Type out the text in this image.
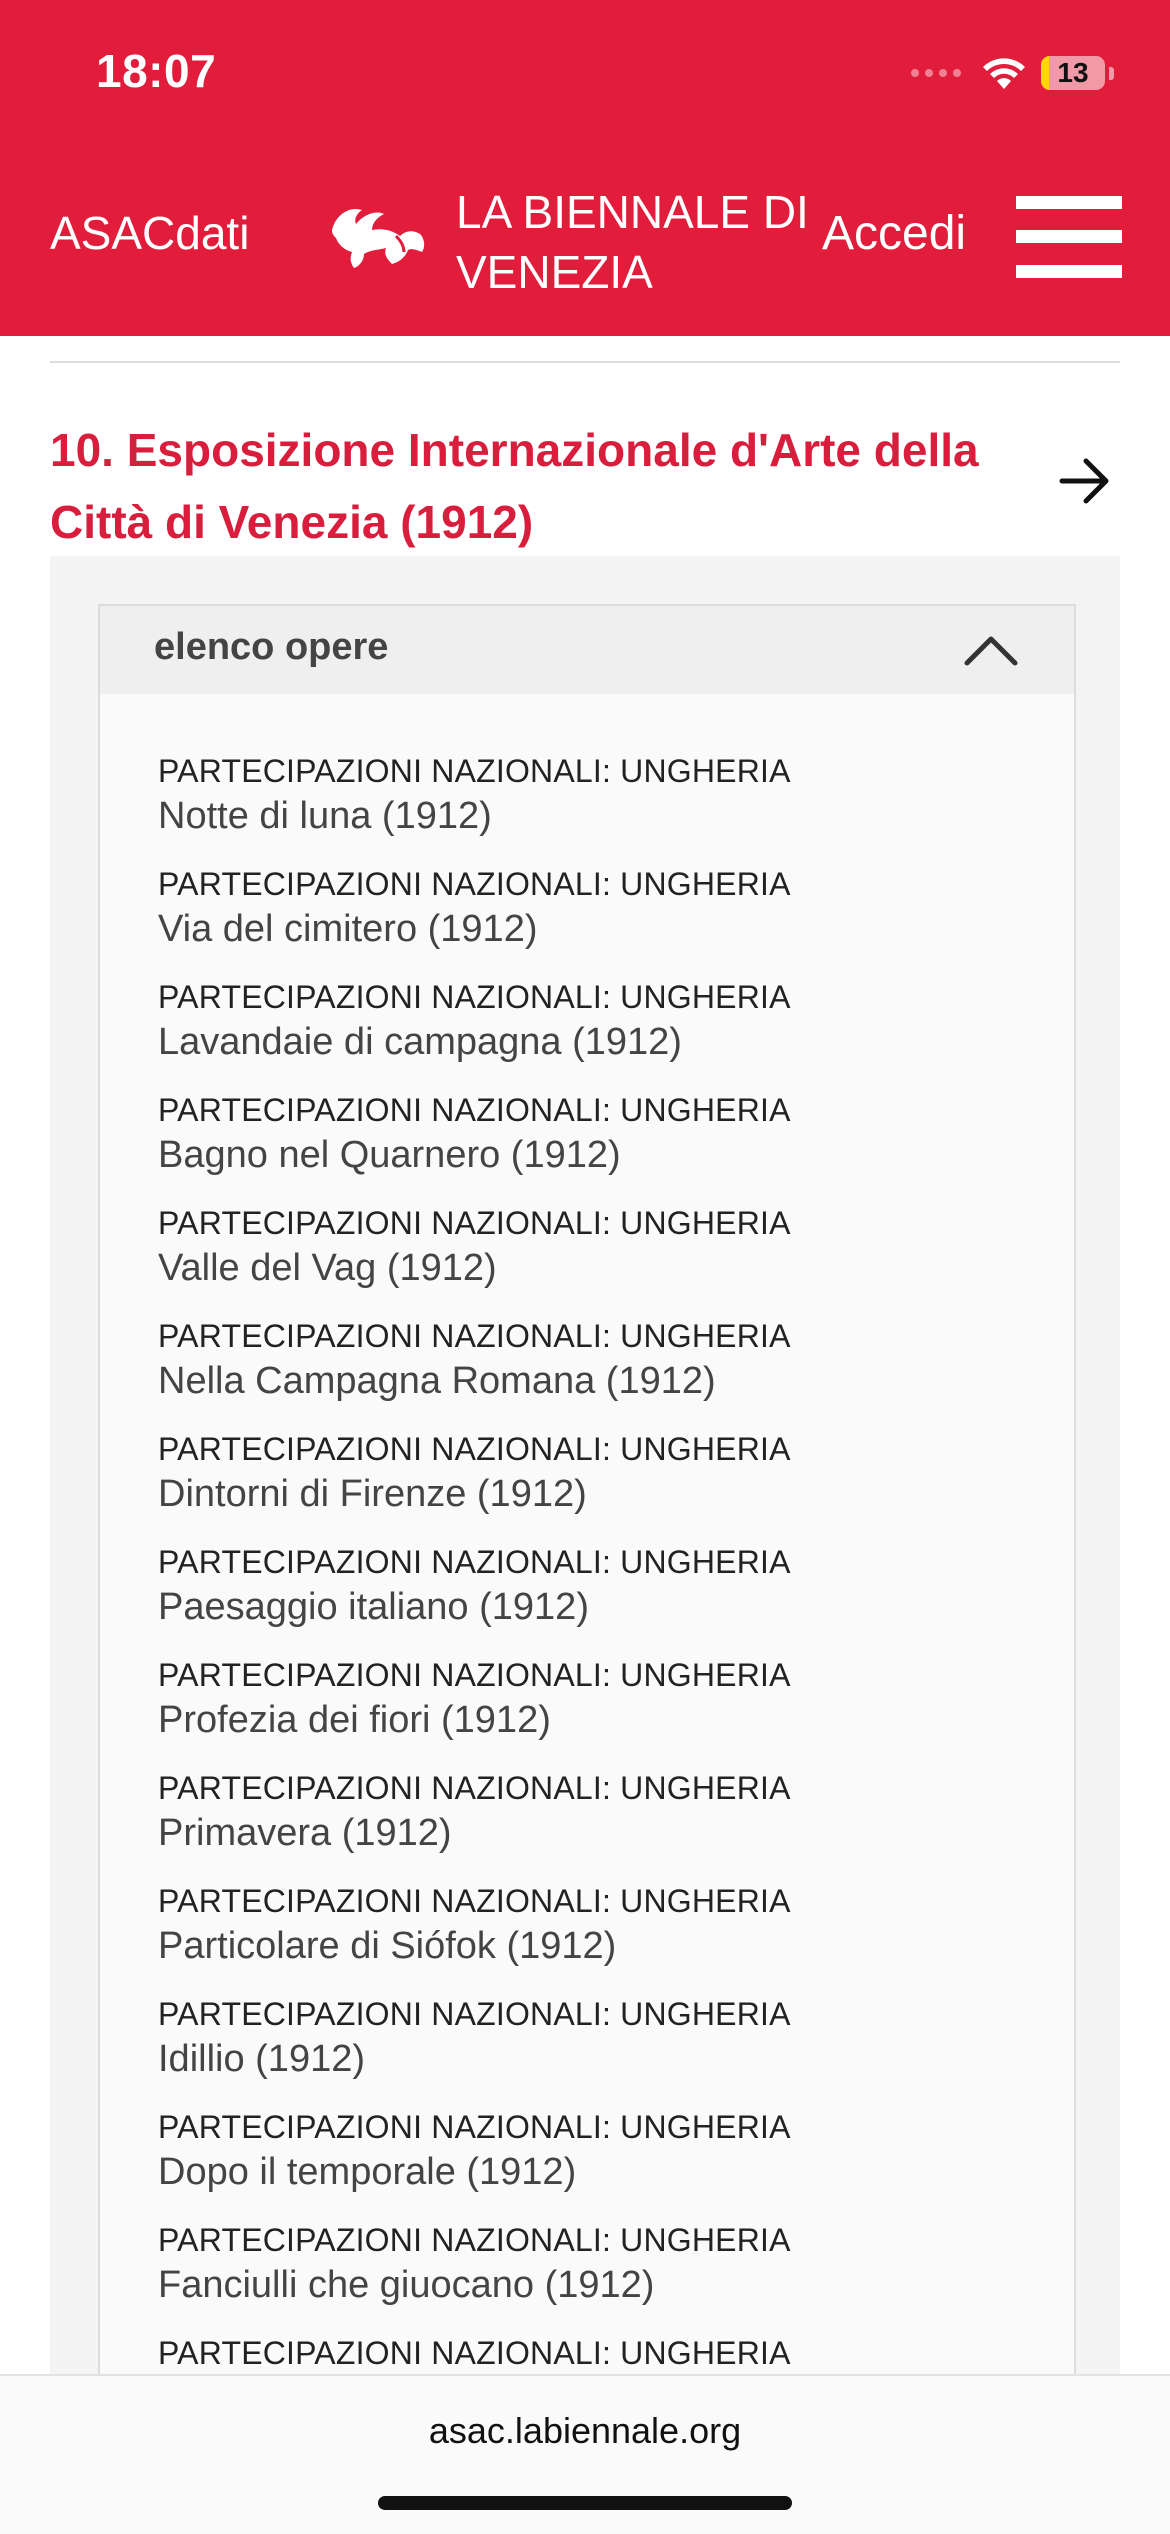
18:07	13
ASACdati	LA BIENNALE DI VENEZIA
Accedi
10. Esposizione Internazionale d'Arte della Città di Venezia (1912)
elenco opere
PARTECIPAZIONI NAZIONALI: UNGHERIA
Notte di luna (1912)
PARTECIPAZIONI NAZIONALI: UNGHERIA
Via del cimitero (1912)
PARTECIPAZIONI NAZIONALI: UNGHERIA
Lavandaie di campagna (1912)
PARTECIPAZIONI NAZIONALI: UNGHERIA
Bagno nel Quarnero (1912)
PARTECIPAZIONI NAZIONALI: UNGHERIA
Valle del Vag (1912)
PARTECIPAZIONI NAZIONALI: UNGHERIA
Nella Campagna Romana (1912)
PARTECIPAZIONI NAZIONALI: UNGHERIA
Dintorni di Firenze (1912)
PARTECIPAZIONI NAZIONALI: UNGHERIA
Paesaggio italiano (1912)
PARTECIPAZIONI NAZIONALI: UNGHERIA
Profezia dei fiori (1912)
PARTECIPAZIONI NAZIONALI: UNGHERIA
Primavera (1912)
PARTECIPAZIONI NAZIONALI: UNGHERIA
Particolare di Siófok (1912)
PARTECIPAZIONI NAZIONALI: UNGHERIA
Idillio (1912)
PARTECIPAZIONI NAZIONALI: UNGHERIA
Dopo il temporale (1912)
PARTECIPAZIONI NAZIONALI: UNGHERIA
Fanciulli che giuocano (1912)
PARTECIPAZIONI NAZIONALI: UNGHERIA
asac.labiennale.org
